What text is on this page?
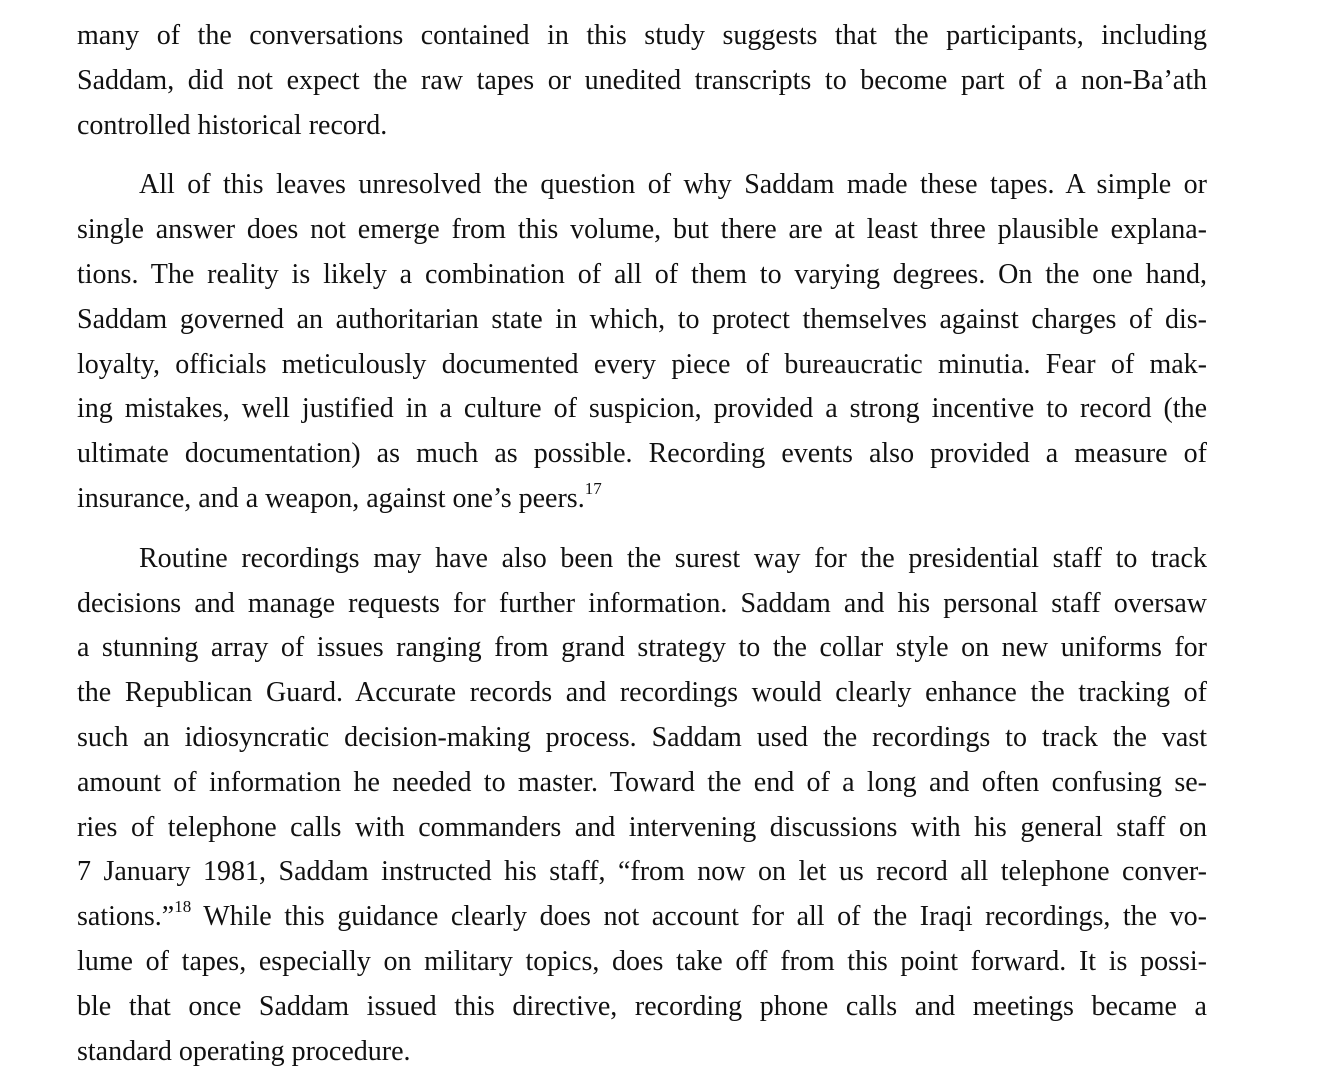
many of the conversations contained in this study suggests that the participants, including
Saddam, did not expect the raw tapes or unedited transcripts to become part of a non-Ba’ath
controlled historical record.
All of this leaves unresolved the question of why Saddam made these tapes. A simple or
single answer does not emerge from this volume, but there are at least three plausible explana-
tions. The reality is likely a combination of all of them to varying degrees. On the one hand,
Saddam governed an authoritarian state in which, to protect themselves against charges of dis-
loyalty, officials meticulously documented every piece of bureaucratic minutia. Fear of mak-
ing mistakes, well justified in a culture of suspicion, provided a strong incentive to record (the
ultimate documentation) as much as possible. Recording events also provided a measure of
insurance, and a weapon, against one’s peers.$^{17}$
Routine recordings may have also been the surest way for the presidential staff to track
decisions and manage requests for further information. Saddam and his personal staff oversaw
a stunning array of issues ranging from grand strategy to the collar style on new uniforms for
the Republican Guard. Accurate records and recordings would clearly enhance the tracking of
such an idiosyncratic decision-making process. Saddam used the recordings to track the vast
amount of information he needed to master. Toward the end of a long and often confusing se-
ries of telephone calls with commanders and intervening discussions with his general staff on
7 January 1981, Saddam instructed his staff, “from now on let us record all telephone conver-
sations.”$^{18}$ While this guidance clearly does not account for all of the Iraqi recordings, the vo-
lume of tapes, especially on military topics, does take off from this point forward. It is possi-
ble that once Saddam issued this directive, recording phone calls and meetings became a
standard operating procedure.
